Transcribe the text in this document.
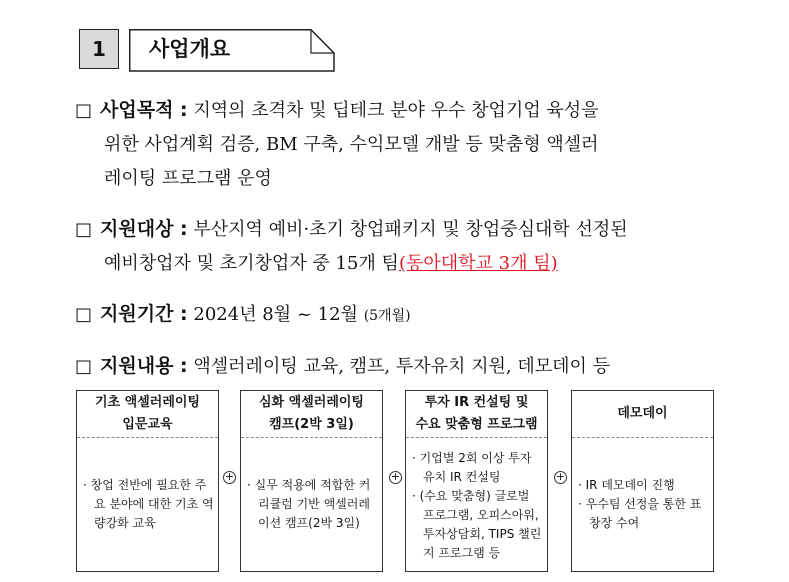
1	사업개요
□ 사업목적 : 지역의 초격차 및 딥테크 분야 우수 창업기업 육성을
위한 사업계획 검증, BM 구축, 수익모델 개발 등 맞춤형 액셀러
레이팅 프로그램 운영
□ 지원대상 : 부산지역 예비·초기 창업패키지 및 창업중심대학 선정된
예비창업자 및 초기창업자 중 15개 팀(동아대학교 3개 팀)
□ 지원기간 : 2024년 8월 ~ 12월 (5개월)
□ 지원내용 : 액셀러레이팅 교육, 캠프, 투자유치 지원, 데모데이 등
기초 액셀러레이팅
입문교육
· 창업 전반에 필요한 주요 분야에 대한 기초 역량강화 교육
+
심화 액셀러레이팅
캠프(2박 3일)
· 실무 적용에 적합한 커리큘럼 기반 액셀러레이션 캠프(2박 3일)
+
투자 IR 컨설팅 및
수요 맞춤형 프로그램
· 기업별 2회 이상 투자유치 IR 컨설팅
· (수요 맞춤형) 글로벌 프로그램, 오피스아워, 투자상담회, TIPS 챌린지 프로그램 등
+
데모데이
· IR 데모데이 진행
· 우수팀 선정을 통한 표창장 수여
